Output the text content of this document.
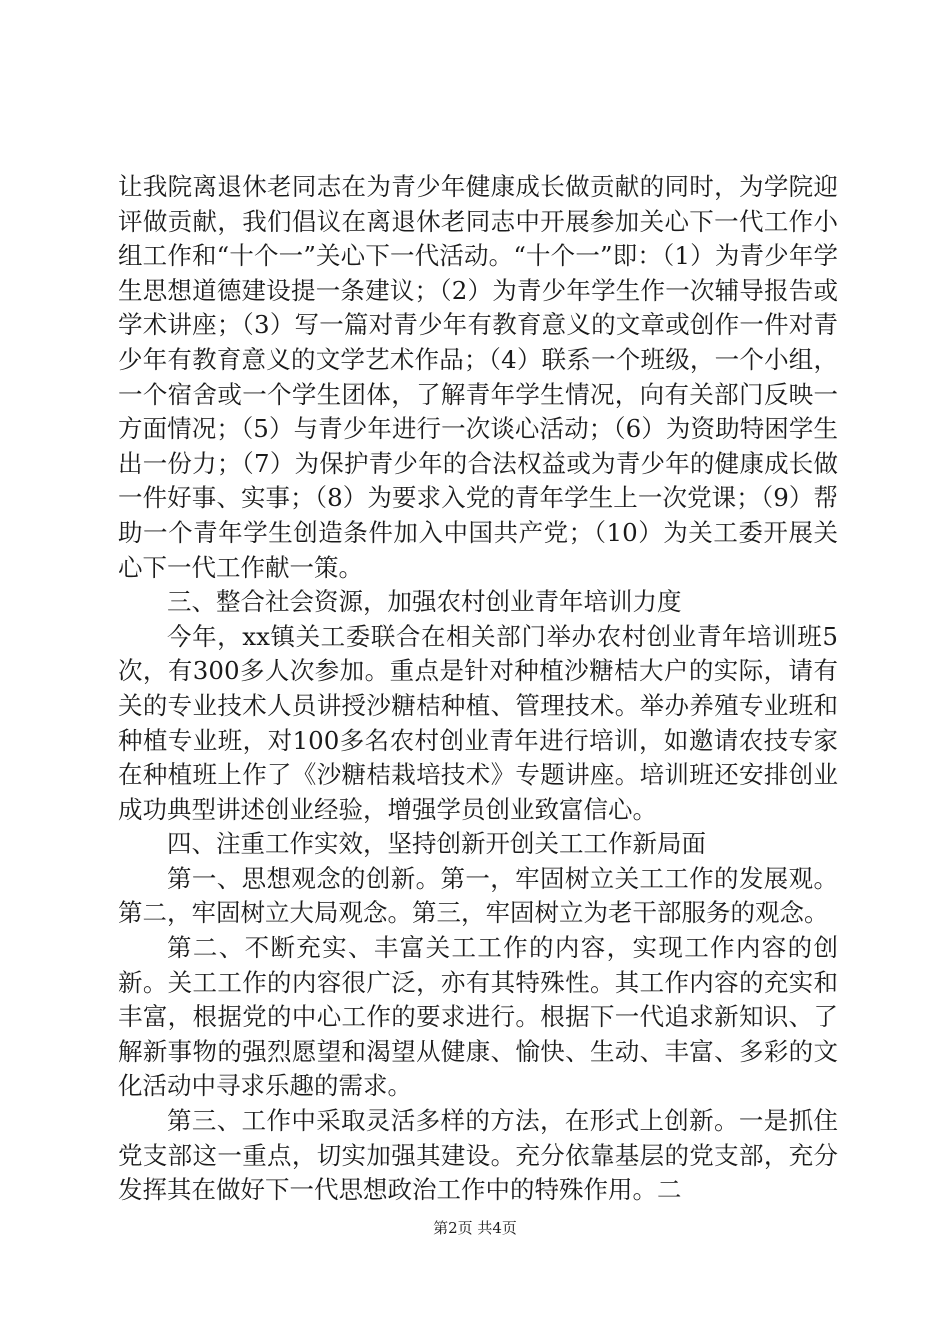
让我院离退休老同志在为青少年健康成长做贡献的同时，为学院迎评做贡献，我们倡议在离退休老同志中开展参加关心下一代工作小组工作和“十个一”关心下一代活动。“十个一”即：（1）为青少年学生思想道德建设提一条建议；（2）为青少年学生作一次辅导报告或学术讲座；（3）写一篇对青少年有教育意义的文章或创作一件对青少年有教育意义的文学艺术作品；（4）联系一个班级，一个小组，一个宿舍或一个学生团体，了解青年学生情况，向有关部门反映一方面情况；（5）与青少年进行一次谈心活动；（6）为资助特困学生出一份力；（7）为保护青少年的合法权益或为青少年的健康成长做一件好事、实事；（8）为要求入党的青年学生上一次党课；（9）帮助一个青年学生创造条件加入中国共产党；（10）为关工委开展关心下一代工作献一策。

三、整合社会资源，加强农村创业青年培训力度

今年，xx镇关工委联合在相关部门举办农村创业青年培训班5次，有300多人次参加。重点是针对种植沙糖桔大户的实际，请有关的专业技术人员讲授沙糖桔种植、管理技术。举办养殖专业班和种植专业班，对100多名农村创业青年进行培训，如邀请农技专家在种植班上作了《沙糖桔栽培技术》专题讲座。培训班还安排创业成功典型讲述创业经验，增强学员创业致富信心。

四、注重工作实效，坚持创新开创关工工作新局面

第一、思想观念的创新。第一，牢固树立关工工作的发展观。第二，牢固树立大局观念。第三，牢固树立为老干部服务的观念。

第二、不断充实、丰富关工工作的内容，实现工作内容的创新。关工工作的内容很广泛，亦有其特殊性。其工作内容的充实和丰富，根据党的中心工作的要求进行。根据下一代追求新知识、了解新事物的强烈愿望和渴望从健康、愉快、生动、丰富、多彩的文化活动中寻求乐趣的需求。

第三、工作中采取灵活多样的方法，在形式上创新。一是抓住党支部这一重点，切实加强其建设。充分依靠基层的党支部，充分发挥其在做好下一代思想政治工作中的特殊作用。二

第2页 共4页
